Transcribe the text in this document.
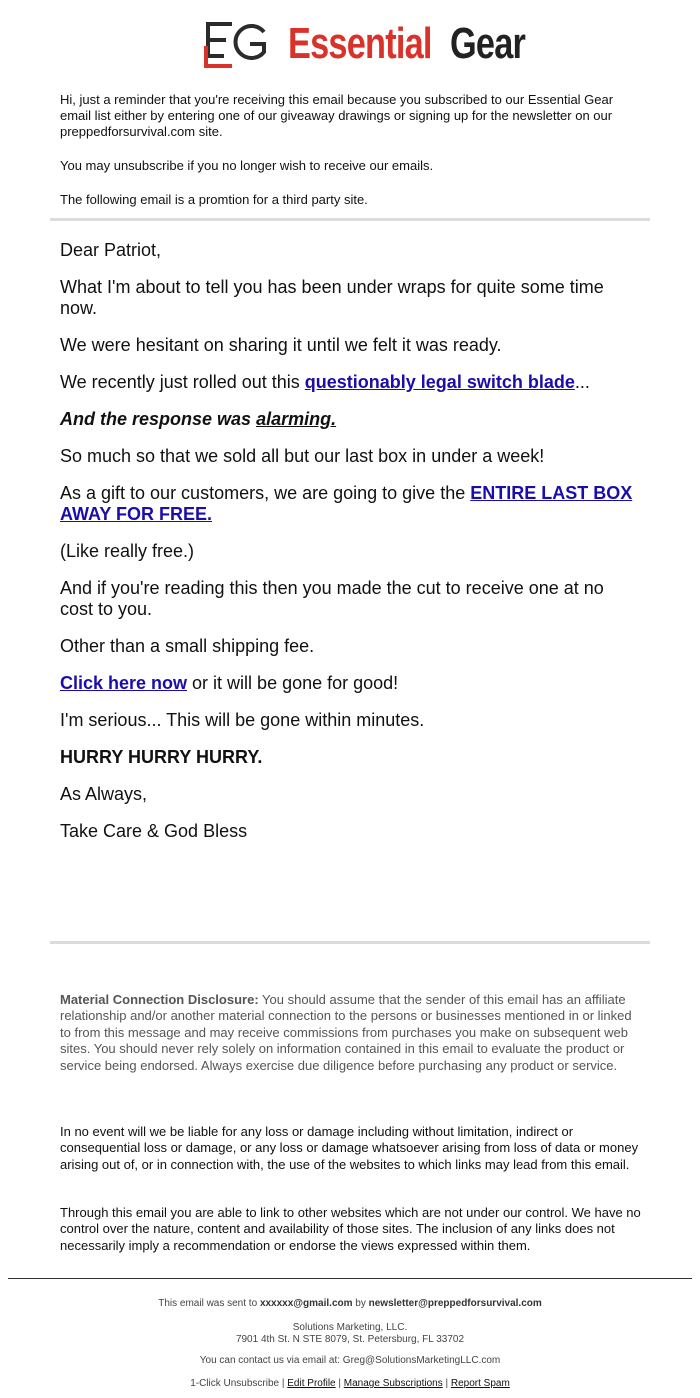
Essential Gear

Hi, just a reminder that you're receiving this email because you subscribed to our Essential Gear email list either by entering one of our giveaway drawings or signing up for the newsletter on our preppedforsurvival.com site.

You may unsubscribe if you no longer wish to receive our emails.

The following email is a promtion for a third party site.

Dear Patriot,

What I'm about to tell you has been under wraps for quite some time now.

We were hesitant on sharing it until we felt it was ready.

We recently just rolled out this questionably legal switch blade...

And the response was alarming.

So much so that we sold all but our last box in under a week!

As a gift to our customers, we are going to give the ENTIRE LAST BOX AWAY FOR FREE.

(Like really free.)

And if you're reading this then you made the cut to receive one at no cost to you.

Other than a small shipping fee.

Click here now or it will be gone for good!

I'm serious... This will be gone within minutes.

HURRY HURRY HURRY.

As Always,

Take Care & God Bless

Material Connection Disclosure: You should assume that the sender of this email has an affiliate relationship and/or another material connection to the persons or businesses mentioned in or linked to from this message and may receive commissions from purchases you make on subsequent web sites. You should never rely solely on information contained in this email to evaluate the product or service being endorsed. Always exercise due diligence before purchasing any product or service.
In no event will we be liable for any loss or damage including without limitation, indirect or consequential loss or damage, or any loss or damage whatsoever arising from loss of data or money arising out of, or in connection with, the use of the websites to which links may lead from this email.
Through this email you are able to link to other websites which are not under our control. We have no control over the nature, content and availability of those sites. The inclusion of any links does not necessarily imply a recommendation or endorse the views expressed within them.
This email was sent to xxxxxx@gmail.com by newsletter@preppedforsurvival.com
Solutions Marketing, LLC.
7901 4th St. N STE 8079, St. Petersburg, FL 33702
You can contact us via email at: Greg@SolutionsMarketingLLC.com
1-Click Unsubscribe | Edit Profile | Manage Subscriptions | Report Spam
